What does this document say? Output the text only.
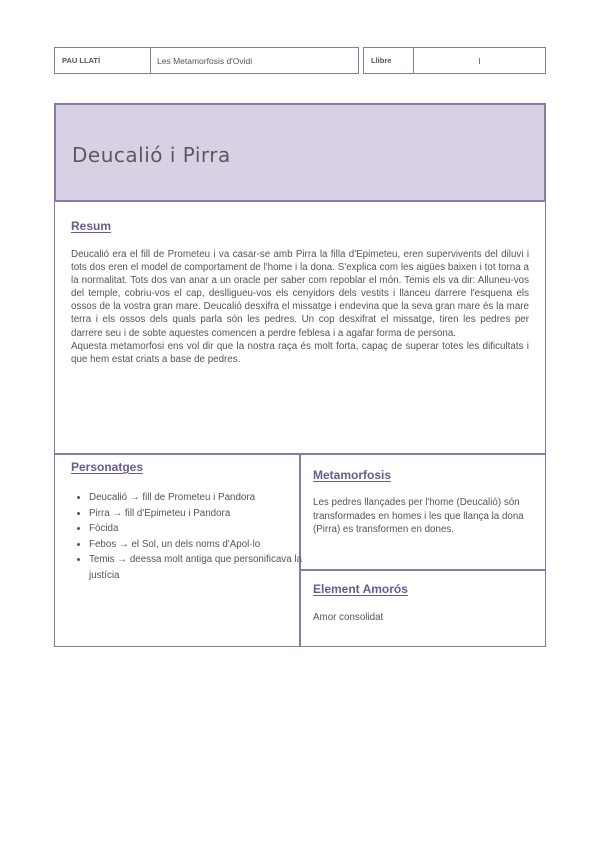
PAU LLATÍ	Les Metamorfosis d'Ovidi	Llibre	I
Deucalió i Pirra
Resum
Deucalió era el fill de Prometeu i va casar-se amb Pirra la filla d'Epimeteu, eren supervivents del diluvi i tots dos eren el model de comportament de l'home i la dona. S'explica com les aigües baixen i tot torna a la normalitat. Tots dos van anar a un oracle per saber com repoblar el món. Temis els va dir: Alluneu-vos del temple, cobriu-vos el cap, deslligueu-vos els cenyidors dels vestits i llanceu darrere l'esquena els ossos de la vostra gran mare. Deucalió desxifra el missatge i endevina que la seva gran mare és la mare terra i els ossos dels quals parla són les pedres. Un cop desxifrat el missatge, tiren les pedres per darrere seu i de sobte aquestes comencen a perdre feblesa i a agafar forma de persona.
Aquesta metamorfosi ens vol dir que la nostra raça és molt forta, capaç de superar totes les dificultats i que hem estat criats a base de pedres.
Personatges
• Deucalió → fill de Prometeu i Pandora
• Pirra → fill d'Epimeteu i Pandora
• Fòcida
• Febos → el Sol, un dels noms d'Apol·lo
• Temis → deessa molt antiga que personificava la justícia
Metamorfosis
Les pedres llançades per l'home (Deucalió) són transformades en homes i les que llança la dona (Pirra) es transformen en dones.
Element Amorós
Amor consolidat
